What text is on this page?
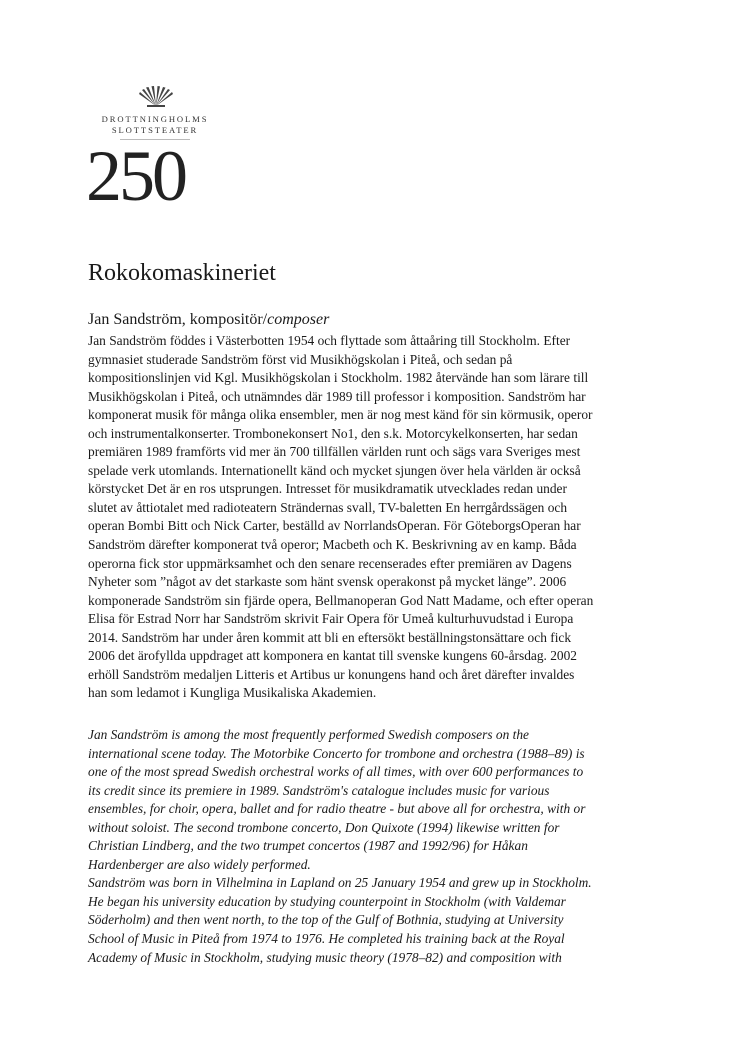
DROTTNINGHOLMS
SLOTTSTEATER
250
Rokokomaskineriet
Jan Sandström, kompositör/composer
Jan Sandström föddes i Västerbotten 1954 och flyttade som åttaåring till Stockholm. Efter
gymnasiet studerade Sandström först vid Musikhögskolan i Piteå, och sedan på
kompositionslinjen vid Kgl. Musikhögskolan i Stockholm. 1982 återvände han som lärare till
Musikhögskolan i Piteå, och utnämndes där 1989 till professor i komposition. Sandström har
komponerat musik för många olika ensembler, men är nog mest känd för sin körmusik, operor
och instrumentalkonserter. Trombonekonsert No1, den s.k. Motorcykelkonserten, har sedan
premiären 1989 framförts vid mer än 700 tillfällen världen runt och sägs vara Sveriges mest
spelade verk utomlands. Internationellt känd och mycket sjungen över hela världen är också
körstycket Det är en ros utsprungen. Intresset för musikdramatik utvecklades redan under
slutet av åttiotalet med radioteatern Strändernas svall, TV-baletten En herrgårdssägen och
operan Bombi Bitt och Nick Carter, beställd av NorrlandsOperan. För GöteborgsOperan har
Sandström därefter komponerat två operor; Macbeth och K. Beskrivning av en kamp. Båda
operorna fick stor uppmärksamhet och den senare recenserades efter premiären av Dagens
Nyheter som ”något av det starkaste som hänt svensk operakonst på mycket länge”. 2006
komponerade Sandström sin fjärde opera, Bellmanoperan God Natt Madame, och efter operan
Elisa för Estrad Norr har Sandström skrivit Fair Opera för Umeå kulturhuvudstad i Europa
2014. Sandström har under åren kommit att bli en eftersökt beställningstonsättare och fick
2006 det ärofyllda uppdraget att komponera en kantat till svenske kungens 60-årsdag. 2002
erhöll Sandström medaljen Litteris et Artibus ur konungens hand och året därefter invaldes
han som ledamot i Kungliga Musikaliska Akademien.
Jan Sandström is among the most frequently performed Swedish composers on the
international scene today. The Motorbike Concerto for trombone and orchestra (1988–89) is
one of the most spread Swedish orchestral works of all times, with over 600 performances to
its credit since its premiere in 1989. Sandström's catalogue includes music for various
ensembles, for choir, opera, ballet and for radio theatre - but above all for orchestra, with or
without soloist. The second trombone concerto, Don Quixote (1994) likewise written for
Christian Lindberg, and the two trumpet concertos (1987 and 1992/96) for Håkan
Hardenberger are also widely performed.
Sandström was born in Vilhelmina in Lapland on 25 January 1954 and grew up in Stockholm.
He began his university education by studying counterpoint in Stockholm (with Valdemar
Söderholm) and then went north, to the top of the Gulf of Bothnia, studying at University
School of Music in Piteå from 1974 to 1976. He completed his training back at the Royal
Academy of Music in Stockholm, studying music theory (1978–82) and composition with
